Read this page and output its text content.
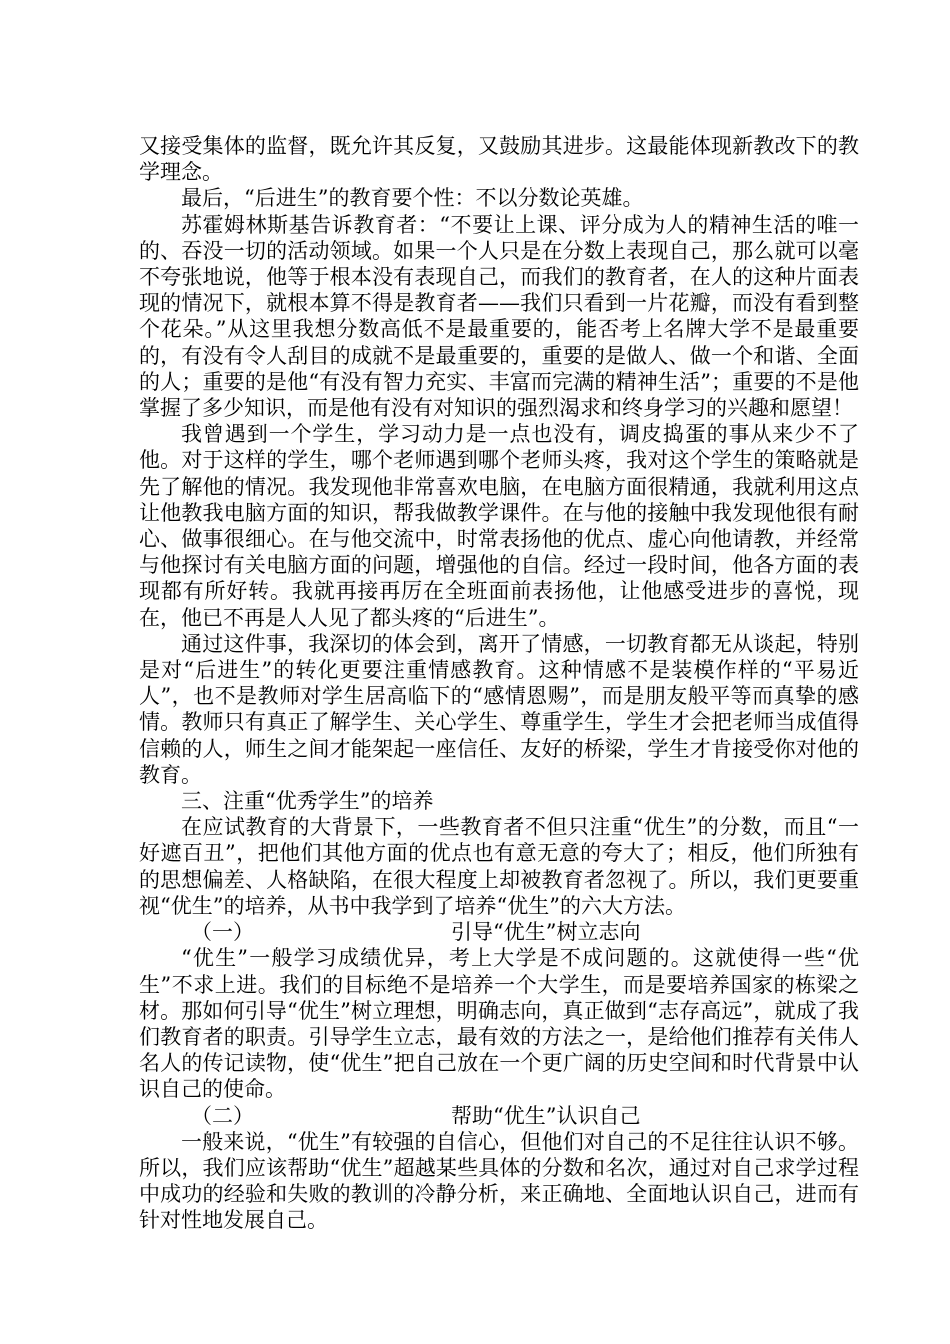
又接受集体的监督，既允许其反复，又鼓励其进步。这最能体现新教改下的教学理念。

最后，“后进生”的教育要个性：不以分数论英雄。

苏霍姆林斯基告诉教育者：“不要让上课、评分成为人的精神生活的唯一的、吞没一切的活动领域。如果一个人只是在分数上表现自己，那么就可以毫不夸张地说，他等于根本没有表现自己，而我们的教育者，在人的这种片面表现的情况下，就根本算不得是教育者——我们只看到一片花瓣，而没有看到整个花朵。”从这里我想分数高低不是最重要的，能否考上名牌大学不是最重要的，有没有令人刮目的成就不是最重要的，重要的是做人、做一个和谐、全面的人；重要的是他“有没有智力充实、丰富而完满的精神生活”；重要的不是他掌握了多少知识，而是他有没有对知识的强烈渴求和终身学习的兴趣和愿望！

我曾遇到一个学生，学习动力是一点也没有，调皮捣蛋的事从来少不了他。对于这样的学生，哪个老师遇到哪个老师头疼，我对这个学生的策略就是先了解他的情况。我发现他非常喜欢电脑，在电脑方面很精通，我就利用这点让他教我电脑方面的知识，帮我做教学课件。在与他的接触中我发现他很有耐心、做事很细心。在与他交流中，时常表扬他的优点、虚心向他请教，并经常与他探讨有关电脑方面的问题，增强他的自信。经过一段时间，他各方面的表现都有所好转。我就再接再厉在全班面前表扬他，让他感受进步的喜悦，现在，他已不再是人人见了都头疼的“后进生”。

通过这件事，我深切的体会到，离开了情感，一切教育都无从谈起，特别是对“后进生”的转化更要注重情感教育。这种情感不是装模作样的“平易近人”，也不是教师对学生居高临下的“感情恩赐”，而是朋友般平等而真挚的感情。教师只有真正了解学生、关心学生、尊重学生，学生才会把老师当成值得信赖的人，师生之间才能架起一座信任、友好的桥梁，学生才肯接受你对他的教育。

三、注重“优秀学生”的培养

在应试教育的大背景下，一些教育者不但只注重“优生”的分数，而且“一好遮百丑”，把他们其他方面的优点也有意无意的夸大了；相反，他们所独有的思想偏差、人格缺陷，在很大程度上却被教育者忽视了。所以，我们更要重视“优生”的培养，从书中我学到了培养“优生”的六大方法。

（一）	引导“优生”树立志向

“优生”一般学习成绩优异，考上大学是不成问题的。这就使得一些“优生”不求上进。我们的目标绝不是培养一个大学生，而是要培养国家的栋梁之材。那如何引导“优生”树立理想，明确志向，真正做到“志存高远”，就成了我们教育者的职责。引导学生立志，最有效的方法之一，是给他们推荐有关伟人名人的传记读物，使“优生”把自己放在一个更广阔的历史空间和时代背景中认识自己的使命。

（二）	帮助“优生”认识自己

一般来说，“优生”有较强的自信心，但他们对自己的不足往往认识不够。所以，我们应该帮助“优生”超越某些具体的分数和名次，通过对自己求学过程中成功的经验和失败的教训的冷静分析，来正确地、全面地认识自己，进而有针对性地发展自己。
